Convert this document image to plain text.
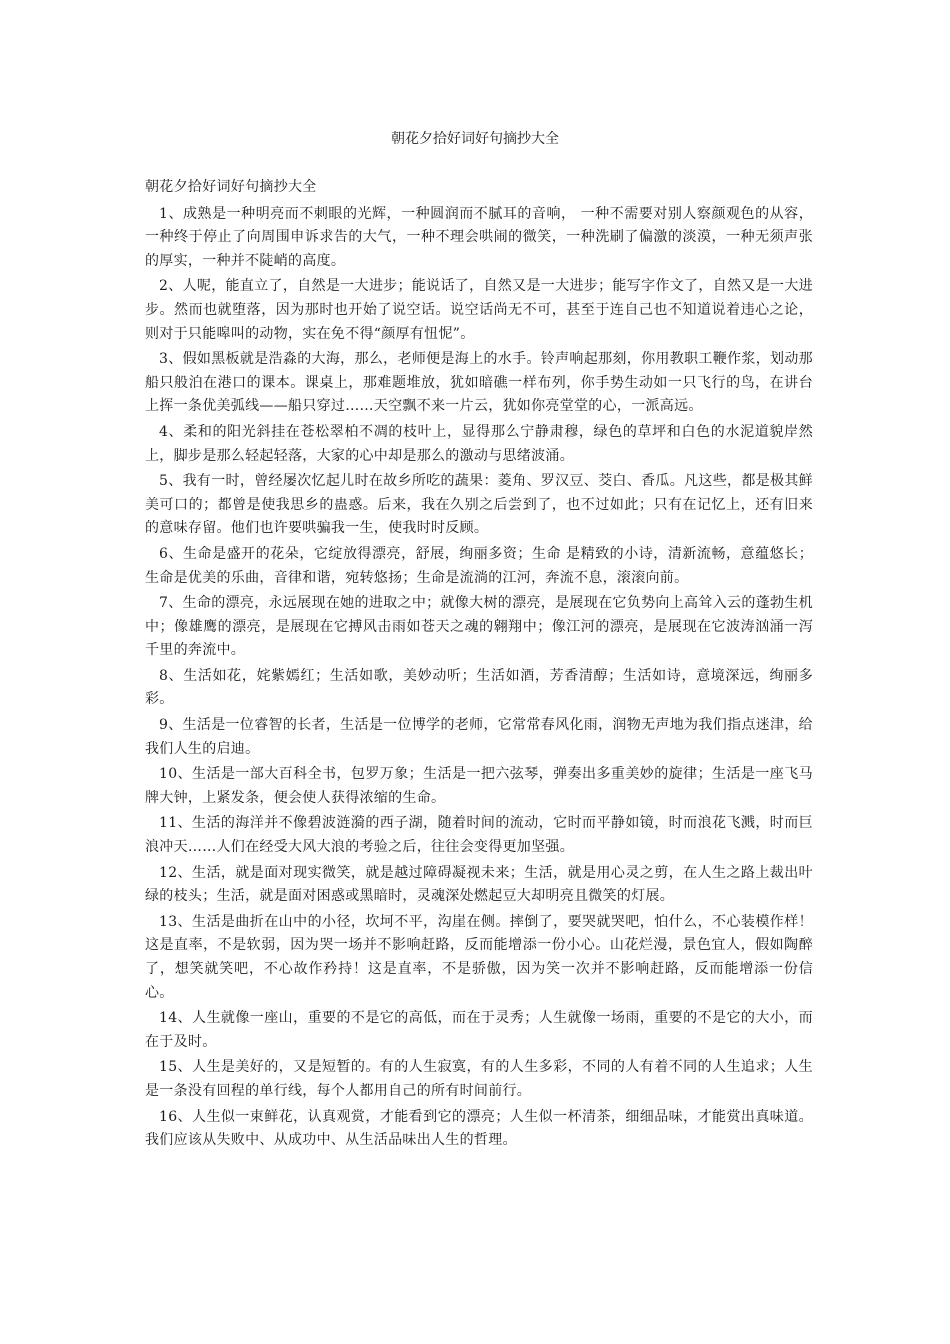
朝花夕拾好词好句摘抄大全
朝花夕拾好词好句摘抄大全

1、成熟是一种明亮而不刺眼的光辉，一种圆润而不腻耳的音响， 一种不需要对别人察颜观色的从容，一种终于停止了向周围申诉求告的大气，一种不理会哄闹的微笑，一种洗刷了偏激的淡漠，一种无须声张的厚实，一种并不陡峭的高度。

2、人呢，能直立了，自然是一大进步；能说话了，自然又是一大进步；能写字作文了，自然又是一大进步。然而也就堕落，因为那时也开始了说空话。说空话尚无不可，甚至于连自己也不知道说着违心之论，则对于只能嗥叫的动物，实在免不得“颜厚有忸怩”。

3、假如黑板就是浩淼的大海，那么，老师便是海上的水手。铃声响起那刻，你用教职工鞭作浆，划动那船只般泊在港口的课本。课桌上，那难题堆放，犹如暗礁一样布列，你手势生动如一只飞行的鸟，在讲台上挥一条优美弧线——船只穿过……天空飘不来一片云，犹如你亮堂堂的心，一派高远。

4、柔和的阳光斜挂在苍松翠柏不凋的枝叶上，显得那么宁静肃穆，绿色的草坪和白色的水泥道貌岸然上，脚步是那么轻起轻落，大家的心中却是那么的激动与思绪波涌。

5、我有一时，曾经屡次忆起儿时在故乡所吃的蔬果：菱角、罗汉豆、茭白、香瓜。凡这些，都是极其鲜美可口的；都曾是使我思乡的蛊惑。后来，我在久别之后尝到了，也不过如此；只有在记忆上，还有旧来的意味存留。他们也许要哄骗我一生，使我时时反顾。

6、生命是盛开的花朵，它绽放得漂亮，舒展，绚丽多资；生命 是精致的小诗，清新流畅，意蕴悠长；生命是优美的乐曲，音律和谐，宛转悠扬；生命是流淌的江河，奔流不息，滚滚向前。

7、生命的漂亮，永远展现在她的进取之中；就像大树的漂亮，是展现在它负势向上高耸入云的蓬勃生机中；像雄鹰的漂亮，是展现在它搏风击雨如苍天之魂的翱翔中；像江河的漂亮，是展现在它波涛汹涌一泻千里的奔流中。

8、生活如花，姹紫嫣红；生活如歌，美妙动听；生活如酒，芳香清醇；生活如诗，意境深远，绚丽多彩。

9、生活是一位睿智的长者，生活是一位博学的老师，它常常春风化雨，润物无声地为我们指点迷津，给我们人生的启迪。

10、生活是一部大百科全书，包罗万象；生活是一把六弦琴，弹奏出多重美妙的旋律；生活是一座飞马牌大钟，上紧发条，便会使人获得浓缩的生命。

11、生活的海洋并不像碧波涟漪的西子湖，随着时间的流动，它时而平静如镜，时而浪花飞溅，时而巨浪冲天……人们在经受大风大浪的考验之后，往往会变得更加坚强。

12、生活，就是面对现实微笑，就是越过障碍凝视未来；生活，就是用心灵之剪，在人生之路上裁出叶绿的枝头；生活，就是面对困惑或黑暗时，灵魂深处燃起豆大却明亮且微笑的灯展。

13、生活是曲折在山中的小径，坎坷不平，沟崖在侧。摔倒了，要哭就哭吧，怕什么，不心装模作样！这是直率，不是软弱，因为哭一场并不影响赶路，反而能增添一份小心。山花烂漫，景色宜人，假如陶醉了，想笑就笑吧，不心故作矜持！这是直率，不是骄傲，因为笑一次并不影响赶路，反而能增添一份信心。

14、人生就像一座山，重要的不是它的高低，而在于灵秀；人生就像一场雨，重要的不是它的大小，而在于及时。

15、人生是美好的，又是短暂的。有的人生寂寞，有的人生多彩，不同的人有着不同的人生追求；人生是一条没有回程的单行线，每个人都用自己的所有时间前行。

16、人生似一束鲜花，认真观赏，才能看到它的漂亮；人生似一杯清茶，细细品味，才能赏出真味道。我们应该从失败中、从成功中、从生活品味出人生的哲理。
